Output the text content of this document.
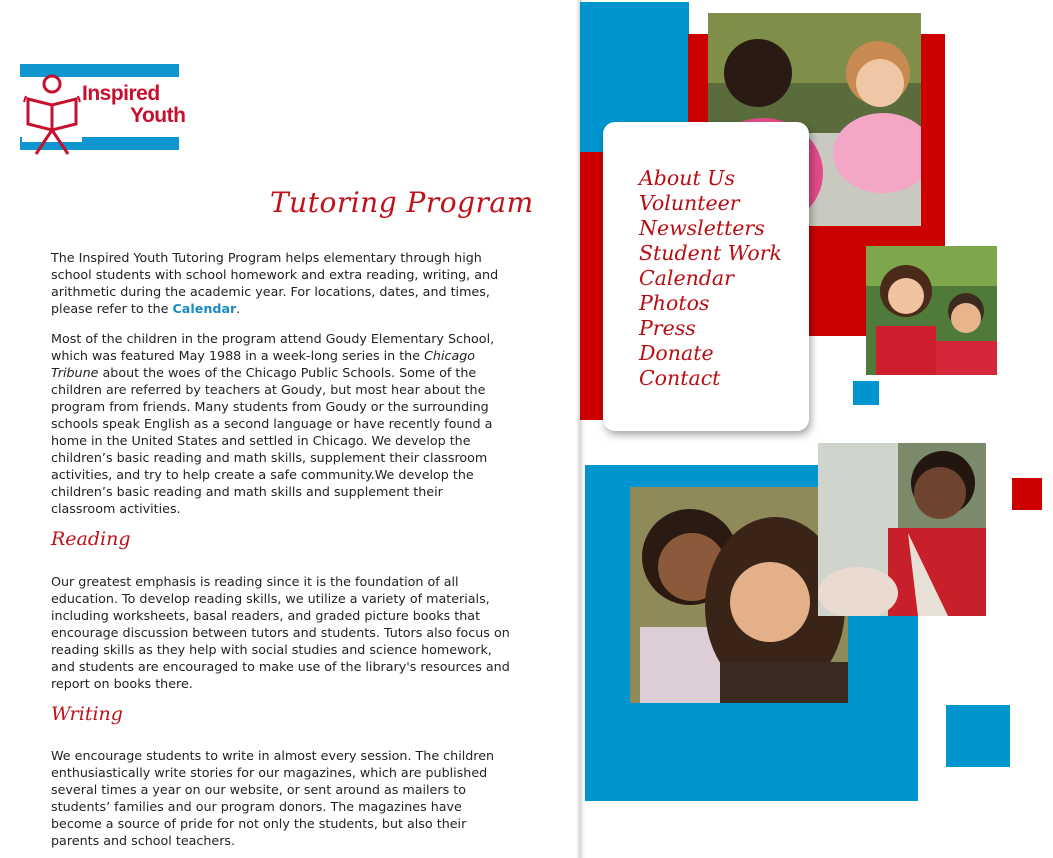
Inspired
Youth
Tutoring Program

The Inspired Youth Tutoring Program helps elementary through high school students with school homework and extra reading, writing, and arithmetic during the academic year. For locations, dates, and times, please refer to the Calendar.

Most of the children in the program attend Goudy Elementary School, which was featured May 1988 in a week-long series in the Chicago Tribune about the woes of the Chicago Public Schools. Some of the children are referred by teachers at Goudy, but most hear about the program from friends. Many students from Goudy or the surrounding schools speak English as a second language or have recently found a home in the United States and settled in Chicago. We develop the children’s basic reading and math skills, supplement their classroom activities, and try to help create a safe community.We develop the children’s basic reading and math skills and supplement their classroom activities.

Reading

Our greatest emphasis is reading since it is the foundation of all education. To develop reading skills, we utilize a variety of materials, including worksheets, basal readers, and graded picture books that encourage discussion between tutors and students. Tutors also focus on reading skills as they help with social studies and science homework, and students are encouraged to make use of the library's resources and report on books there.

Writing

We encourage students to write in almost every session. The children enthusiastically write stories for our magazines, which are published several times a year on our website, or sent around as mailers to students’ families and our program donors. The magazines have become a source of pride for not only the students, but also their parents and school teachers.

About Us
Volunteer
Newsletters
Student Work
Calendar
Photos
Press
Donate
Contact
